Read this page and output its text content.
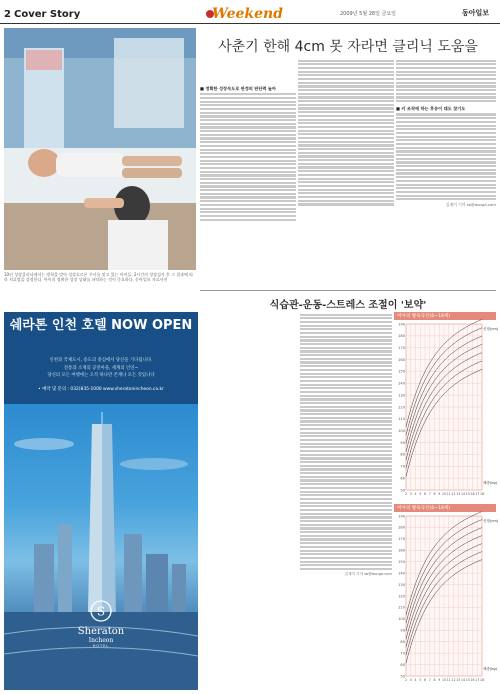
2 Cover Story	Weekend	2009년 5월 28일 금요일	동아일보
10년 성장클리닉에서는 방학을 맞아 성장호르몬 주사를 맞고 있는 아이들. 2시간의 성장검사 후 그 결과에 따라 치료법을 결정한다. 아이의 정확한 성장 상태를 파악하는 것이 중요하다. 동아일보 자료사진
사춘기 한해 4cm 못 자라면 클리닉 도움을
■ 정확한 성장속도로 판정의 판단력 높아
■ 키 조작에 하는 후송이 태도 찾기도
김재이 기자 sb@donga.com
식습관-운동-스트레스 조절이 '보약'
김재이 기자 sb@donga.com
쉐라톤 인천 호텔 NOW OPEN
인천과 국제도시, 송도의 중심에서 당신을 기다립니다.
전통과 소재의 공연마을, 세계의 인연~
당신의 모든 여행에는 오직 하나만 존재나 모든 것입니다
• 예약 및 문의 : 032)835-1000 www.sheratonincheon.co.kr
S
Sheraton
Incheon
HOTEL
여아의 발육곡선(0~18세)
190
180
170
160
150
140
130
120
110
100
90
80
70
60
50
2 3 4 5 6 7 8 9 10 11 12 13 14 15 16 17 18
신장(cm)
체중(kg)
여아의 발육곡선(0~18세)
190
180
170
160
150
140
130
120
110
100
90
80
70
60
50
2 3 4 5 6 7 8 9 10 11 12 13 14 15 16 17 18
신장(cm)
체중(kg)
